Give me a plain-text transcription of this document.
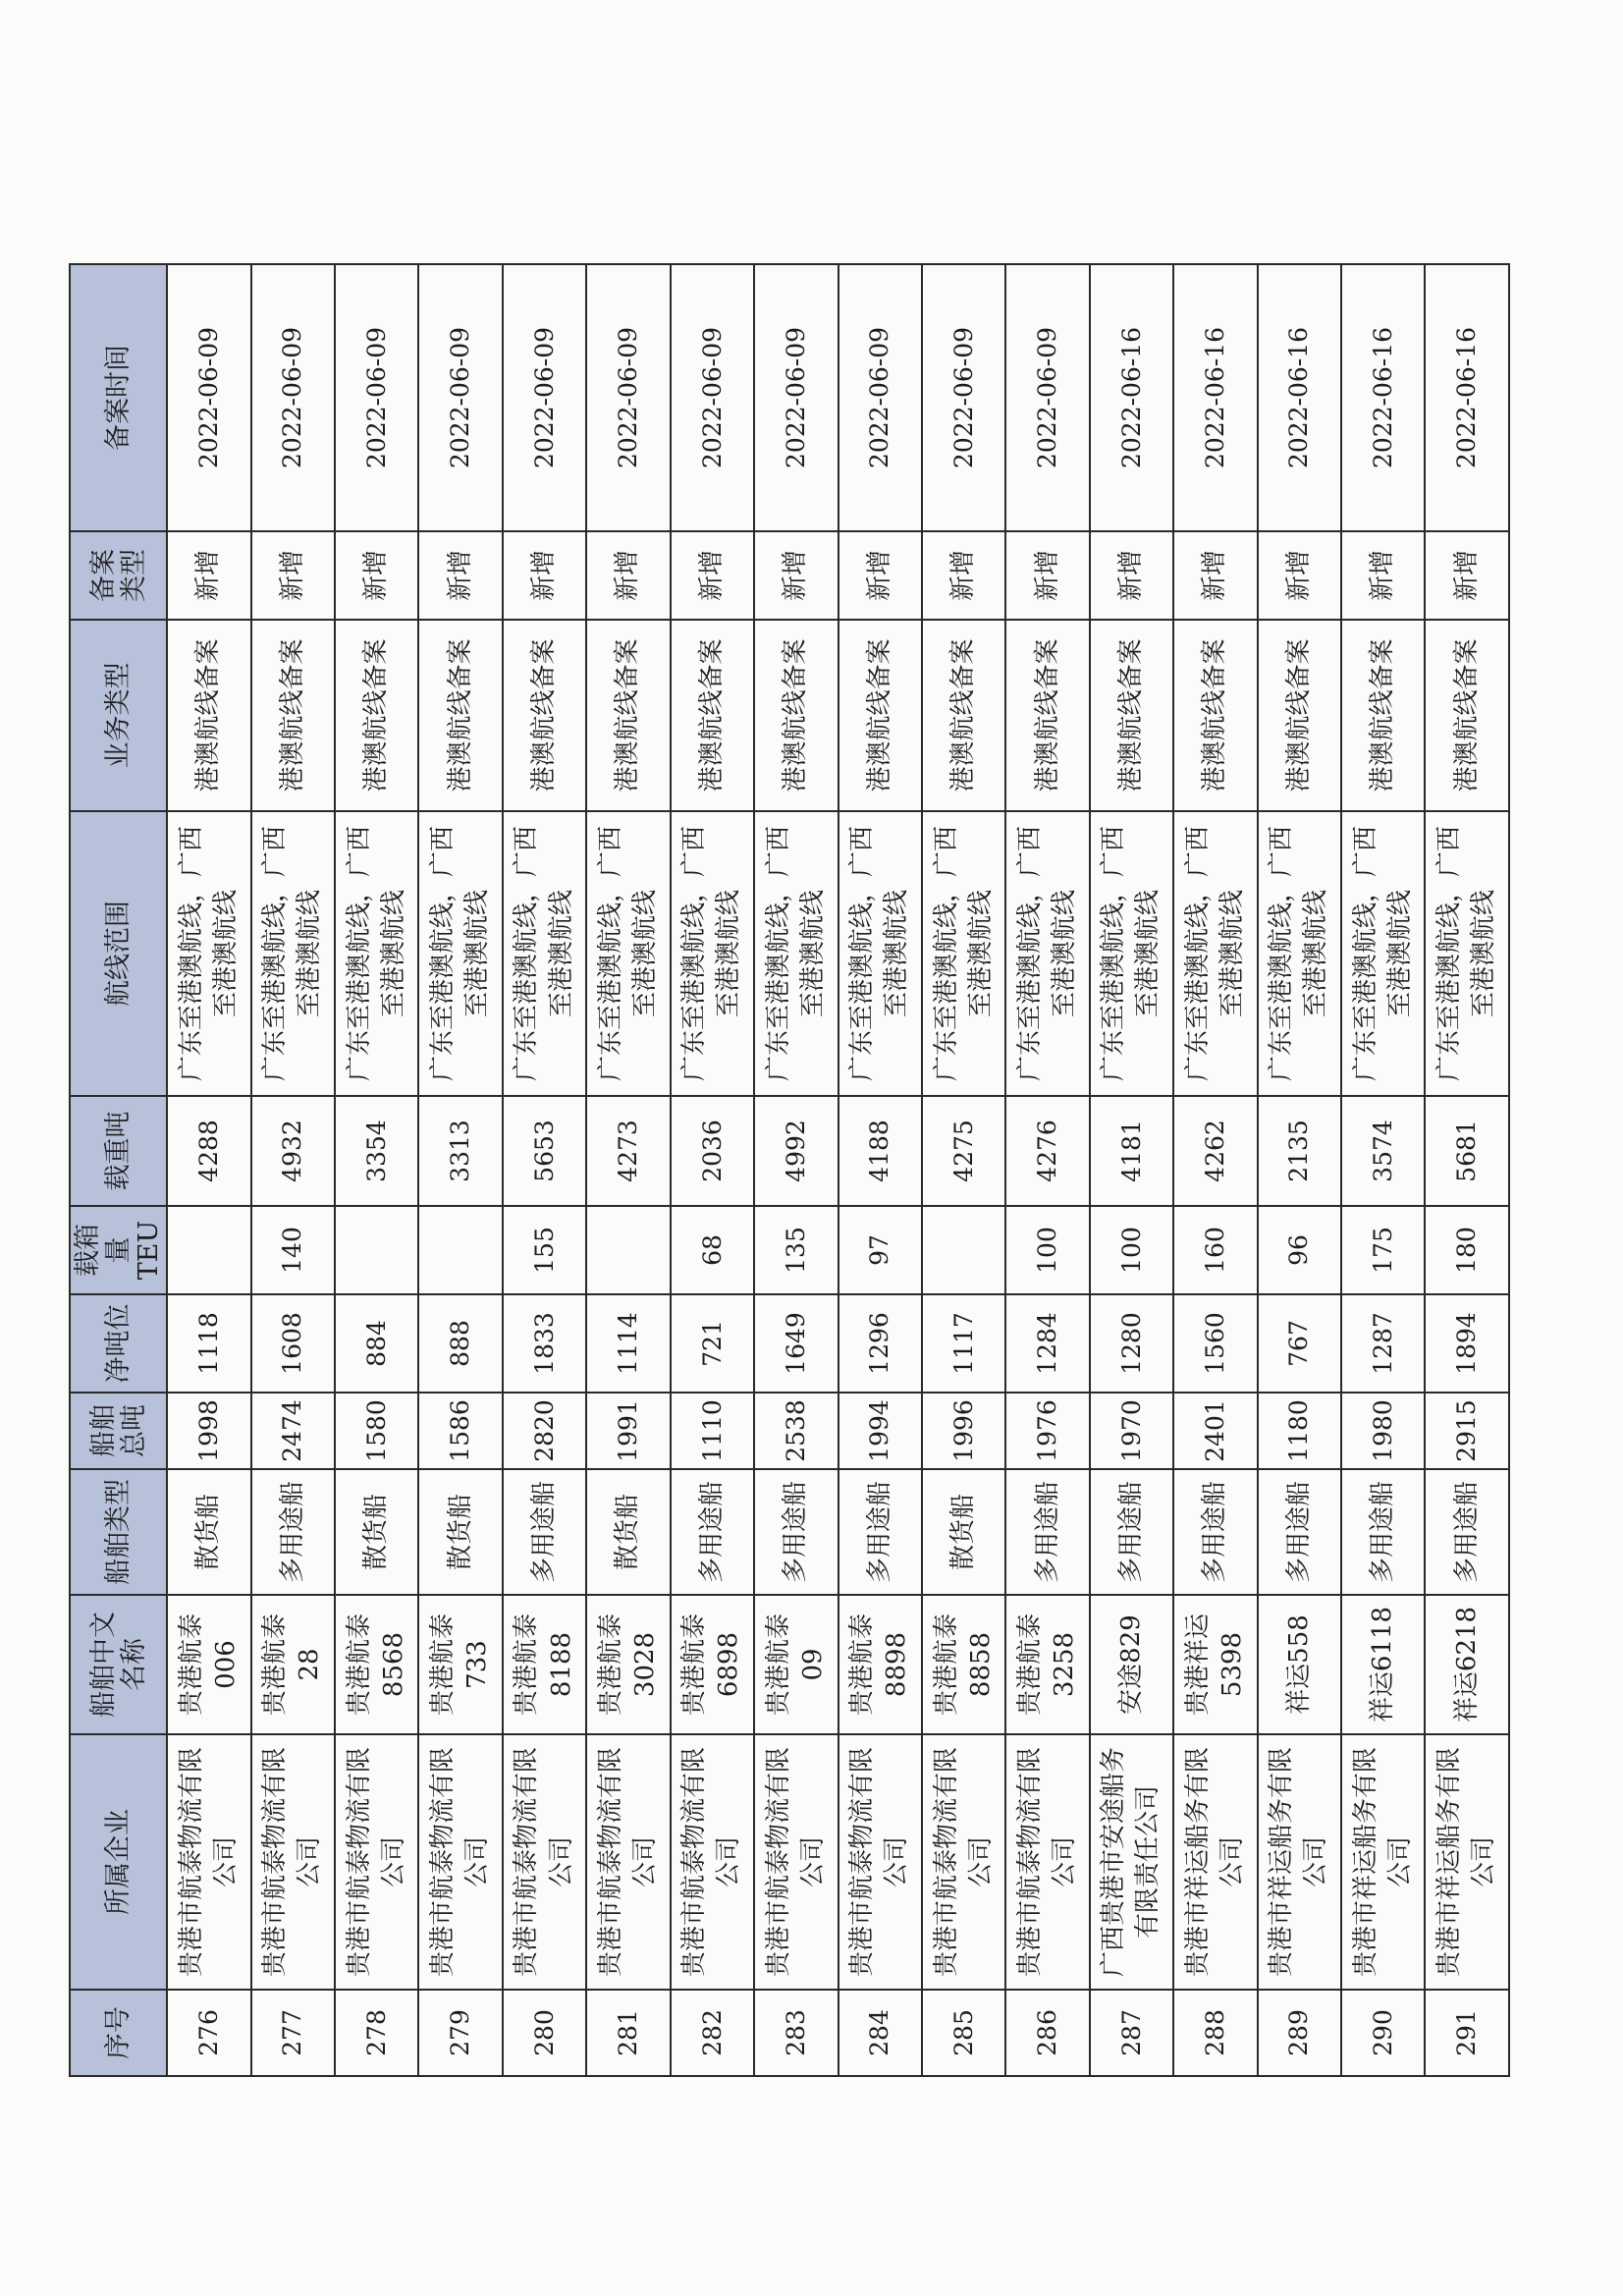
序号	所属企业	船舶中文名称	船舶类型	船舶总吨	净吨位	载箱量TEU	载重吨	航线范围	业务类型	备案类型	备案时间
276	贵港市航泰物流有限公司	贵港航泰006	散货船	1998	1118		4288	广东至港澳航线，广西至港澳航线	港澳航线备案	新增	2022-06-09
277	贵港市航泰物流有限公司	贵港航泰28	多用途船	2474	1608	140	4932	广东至港澳航线，广西至港澳航线	港澳航线备案	新增	2022-06-09
278	贵港市航泰物流有限公司	贵港航泰8568	散货船	1580	884		3354	广东至港澳航线，广西至港澳航线	港澳航线备案	新增	2022-06-09
279	贵港市航泰物流有限公司	贵港航泰733	散货船	1586	888		3313	广东至港澳航线，广西至港澳航线	港澳航线备案	新增	2022-06-09
280	贵港市航泰物流有限公司	贵港航泰8188	多用途船	2820	1833	155	5653	广东至港澳航线，广西至港澳航线	港澳航线备案	新增	2022-06-09
281	贵港市航泰物流有限公司	贵港航泰3028	散货船	1991	1114		4273	广东至港澳航线，广西至港澳航线	港澳航线备案	新增	2022-06-09
282	贵港市航泰物流有限公司	贵港航泰6898	多用途船	1110	721	68	2036	广东至港澳航线，广西至港澳航线	港澳航线备案	新增	2022-06-09
283	贵港市航泰物流有限公司	贵港航泰09	多用途船	2538	1649	135	4992	广东至港澳航线，广西至港澳航线	港澳航线备案	新增	2022-06-09
284	贵港市航泰物流有限公司	贵港航泰8898	多用途船	1994	1296	97	4188	广东至港澳航线，广西至港澳航线	港澳航线备案	新增	2022-06-09
285	贵港市航泰物流有限公司	贵港航泰8858	散货船	1996	1117		4275	广东至港澳航线，广西至港澳航线	港澳航线备案	新增	2022-06-09
286	贵港市航泰物流有限公司	贵港航泰3258	多用途船	1976	1284	100	4276	广东至港澳航线，广西至港澳航线	港澳航线备案	新增	2022-06-09
287	广西贵港市安途船务有限责任公司	安途829	多用途船	1970	1280	100	4181	广东至港澳航线，广西至港澳航线	港澳航线备案	新增	2022-06-16
288	贵港市祥运船务有限公司	贵港祥运5398	多用途船	2401	1560	160	4262	广东至港澳航线，广西至港澳航线	港澳航线备案	新增	2022-06-16
289	贵港市祥运船务有限公司	祥运558	多用途船	1180	767	96	2135	广东至港澳航线，广西至港澳航线	港澳航线备案	新增	2022-06-16
290	贵港市祥运船务有限公司	祥运6118	多用途船	1980	1287	175	3574	广东至港澳航线，广西至港澳航线	港澳航线备案	新增	2022-06-16
291	贵港市祥运船务有限公司	祥运6218	多用途船	2915	1894	180	5681	广东至港澳航线，广西至港澳航线	港澳航线备案	新增	2022-06-16
